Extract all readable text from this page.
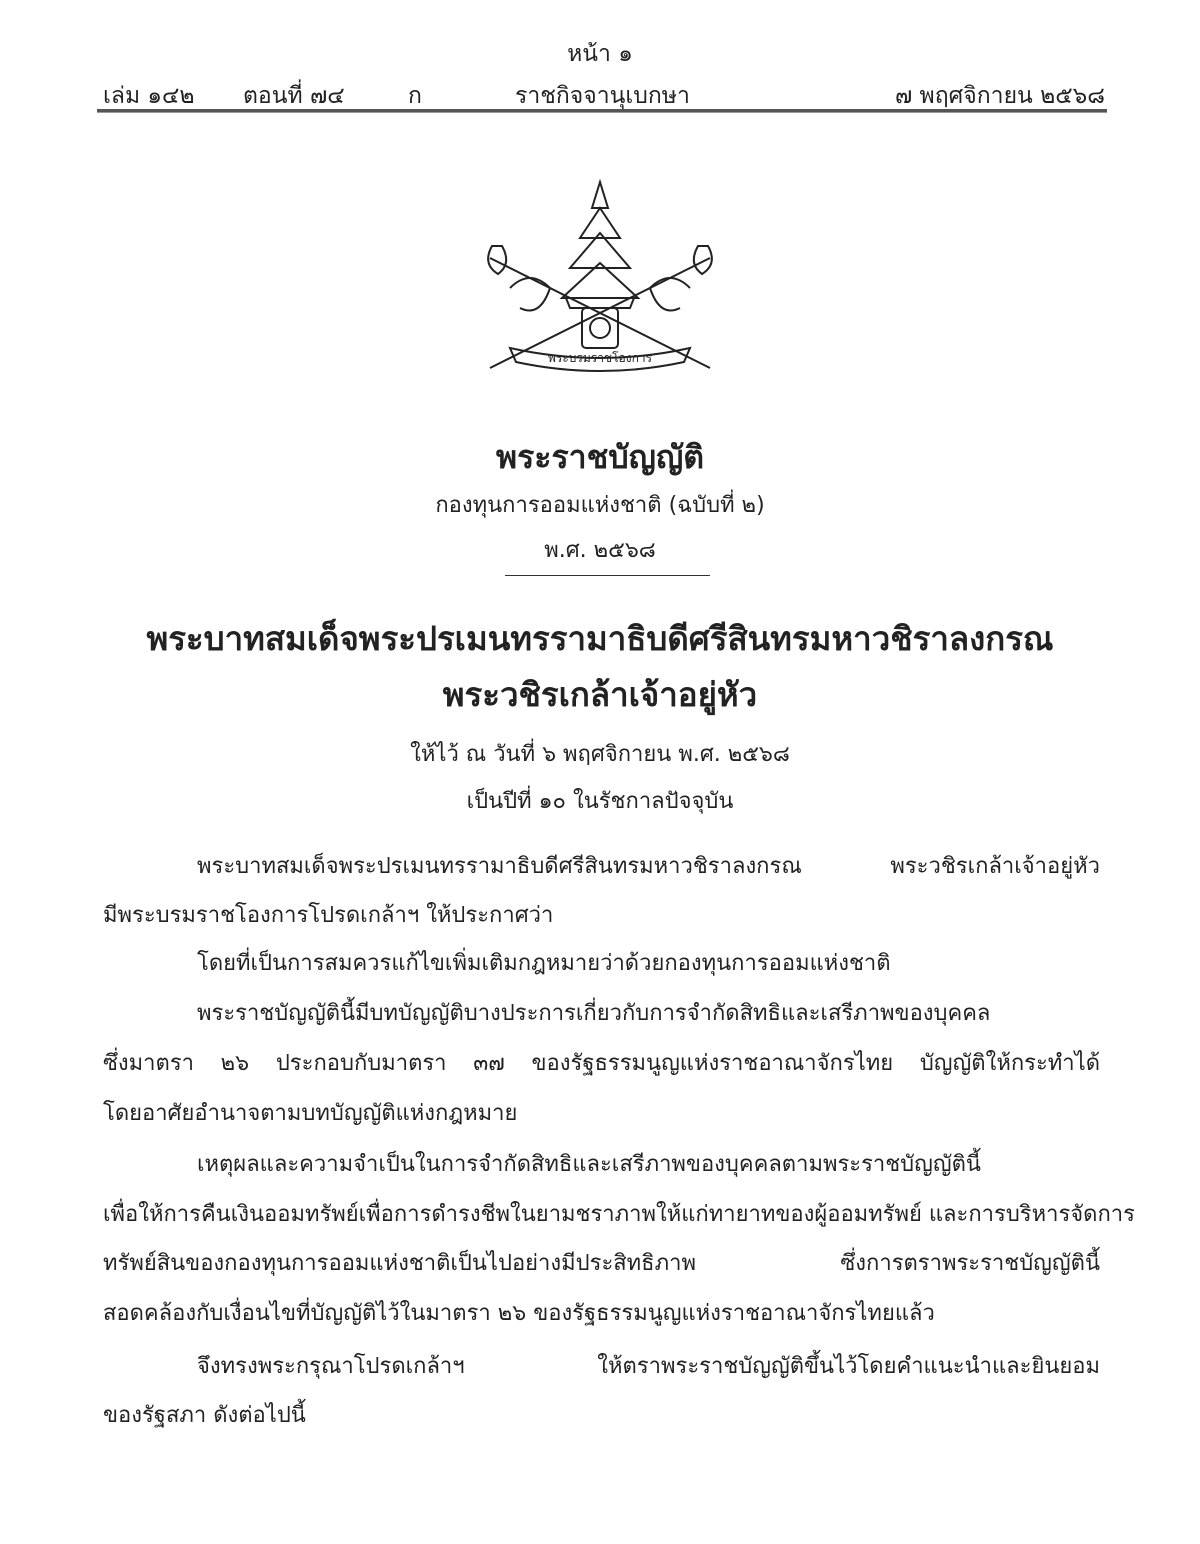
หน้า ๑
เล่ม ๑๔๒ ตอนที่ ๗๔	ก	ราชกิจจานุเบกษา	๗ พฤศจิกายน ๒๕๖๘
พระบรมราชโองการ
พระราชบัญญัติ
กองทุนการออมแห่งชาติ (ฉบับที่ ๒)
พ.ศ. ๒๕๖๘
พระบาทสมเด็จพระปรเมนทรรามาธิบดีศรีสินทรมหาวชิราลงกรณ
พระวชิรเกล้าเจ้าอยู่หัว
ให้ไว้ ณ วันที่ ๖ พฤศจิกายน พ.ศ. ๒๕๖๘
เป็นปีที่ ๑๐ ในรัชกาลปัจจุบัน
พระบาทสมเด็จพระปรเมนทรรามาธิบดีศรีสินทรมหาวชิราลงกรณ พระวชิรเกล้าเจ้าอยู่หัว
มีพระบรมราชโองการโปรดเกล้าฯ ให้ประกาศว่า
โดยที่เป็นการสมควรแก้ไขเพิ่มเติมกฎหมายว่าด้วยกองทุนการออมแห่งชาติ
พระราชบัญญัตินี้มีบทบัญญัติบางประการเกี่ยวกับการจำกัดสิทธิและเสรีภาพของบุคคล
ซึ่งมาตรา ๒๖ ประกอบกับมาตรา ๓๗ ของรัฐธรรมนูญแห่งราชอาณาจักรไทย บัญญัติให้กระทำได้
โดยอาศัยอำนาจตามบทบัญญัติแห่งกฎหมาย
เหตุผลและความจำเป็นในการจำกัดสิทธิและเสรีภาพของบุคคลตามพระราชบัญญัตินี้
เพื่อให้การคืนเงินออมทรัพย์เพื่อการดำรงชีพในยามชราภาพให้แก่ทายาทของผู้ออมทรัพย์ และการบริหารจัดการ
ทรัพย์สินของกองทุนการออมแห่งชาติเป็นไปอย่างมีประสิทธิภาพ ซึ่งการตราพระราชบัญญัตินี้
สอดคล้องกับเงื่อนไขที่บัญญัติไว้ในมาตรา ๒๖ ของรัฐธรรมนูญแห่งราชอาณาจักรไทยแล้ว
จึงทรงพระกรุณาโปรดเกล้าฯ ให้ตราพระราชบัญญัติขึ้นไว้โดยคำแนะนำและยินยอม
ของรัฐสภา ดังต่อไปนี้
